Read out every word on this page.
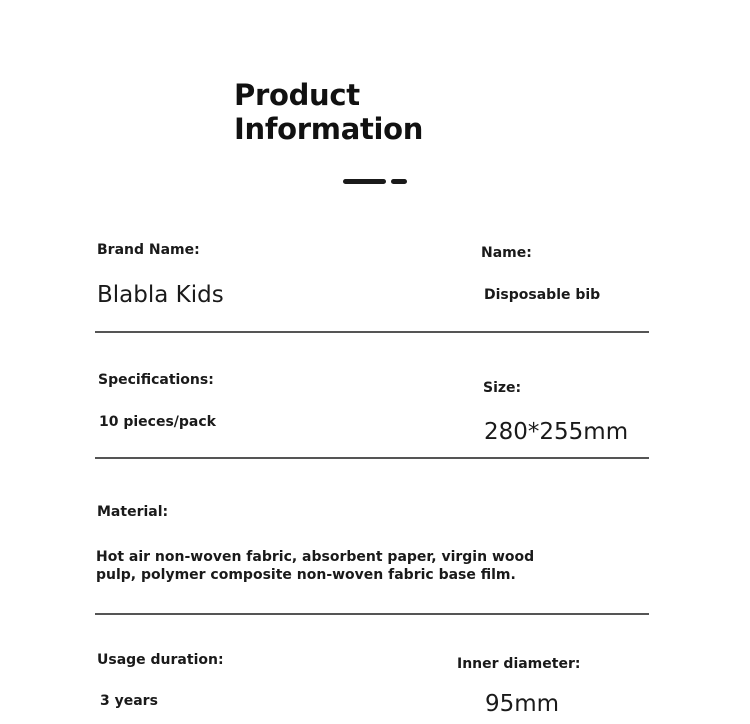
Product
Information
Brand Name:
Blabla Kids
Name:
Disposable bib
Specifications:
10 pieces/pack
Size:
280*255mm
Material:
Hot air non-woven fabric, absorbent paper, virgin wood
pulp, polymer composite non-woven fabric base film.
Usage duration:
3 years
Inner diameter:
95mm
